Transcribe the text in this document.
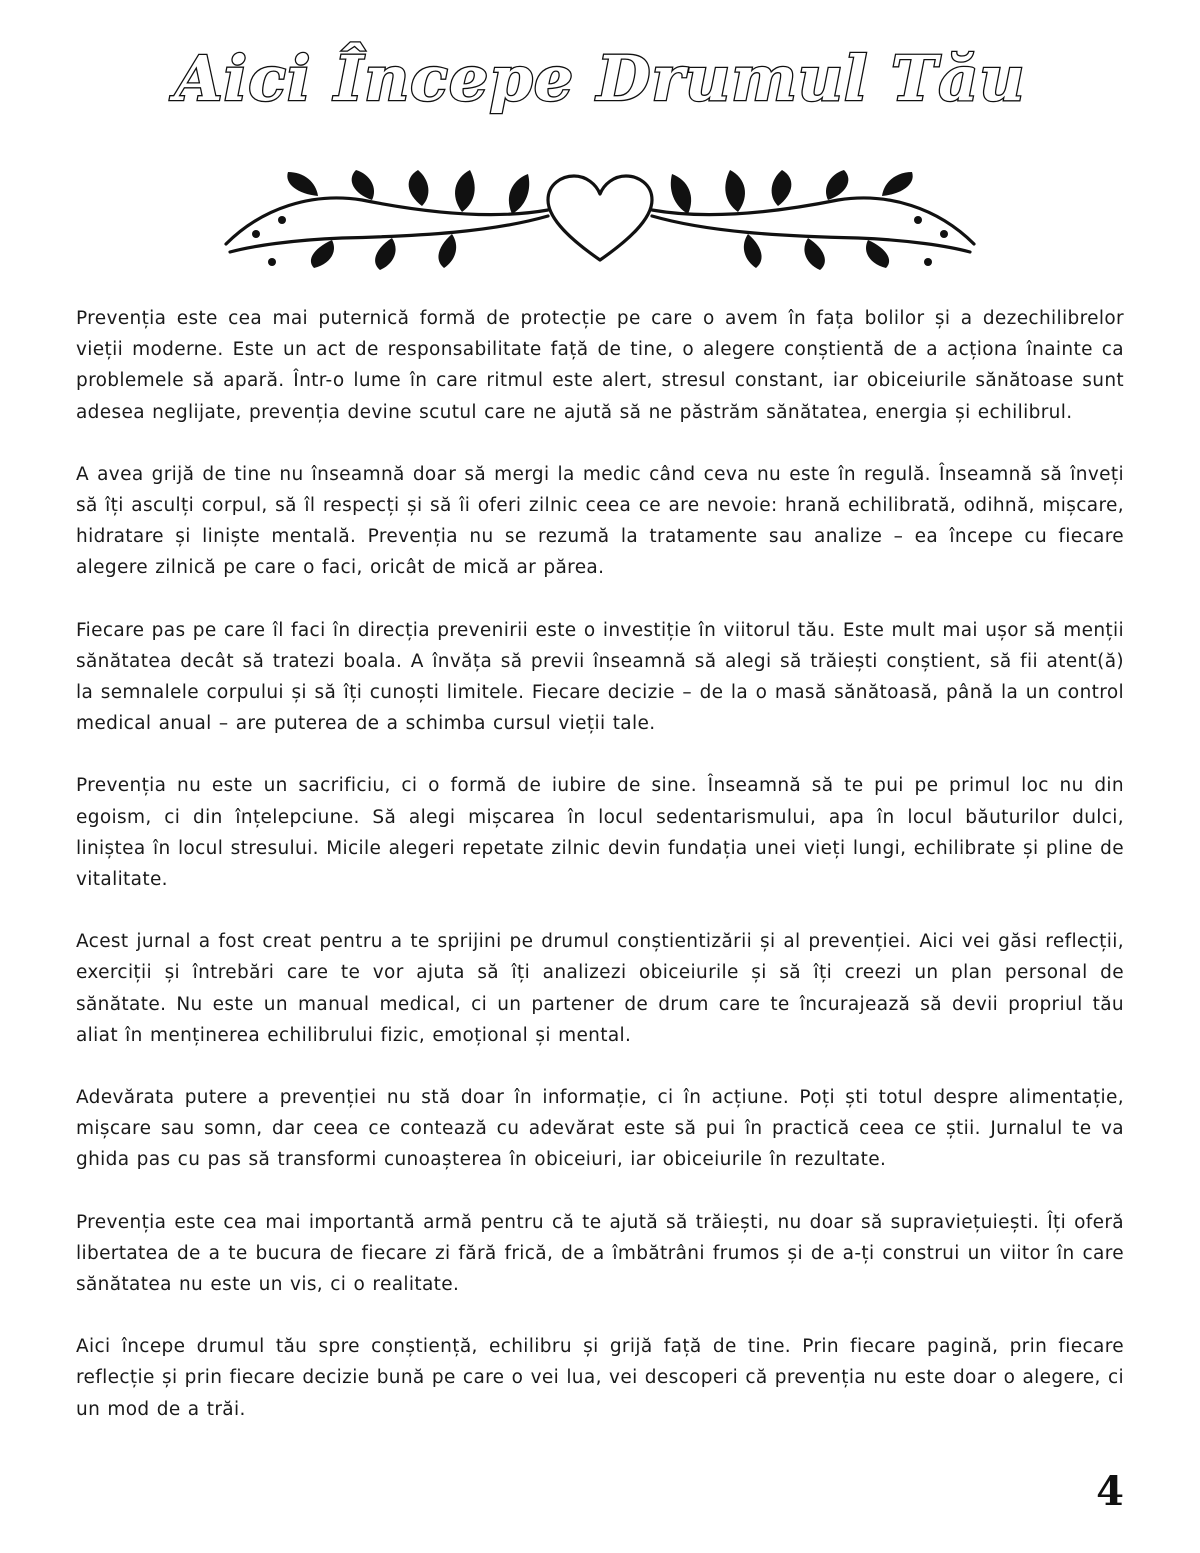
Aici Începe Drumul Tău

Prevenția este cea mai puternică formă de protecție pe care o avem în fața bolilor și a dezechilibrelor vieții moderne. Este un act de responsabilitate față de tine, o alegere conștientă de a acționa înainte ca problemele să apară. Într-o lume în care ritmul este alert, stresul constant, iar obiceiurile sănătoase sunt adesea neglijate, prevenția devine scutul care ne ajută să ne păstrăm sănătatea, energia și echilibrul.

A avea grijă de tine nu înseamnă doar să mergi la medic când ceva nu este în regulă. Înseamnă să înveți să îți asculți corpul, să îl respecți și să îi oferi zilnic ceea ce are nevoie: hrană echilibrată, odihnă, mișcare, hidratare și liniște mentală. Prevenția nu se rezumă la tratamente sau analize – ea începe cu fiecare alegere zilnică pe care o faci, oricât de mică ar părea.

Fiecare pas pe care îl faci în direcția prevenirii este o investiție în viitorul tău. Este mult mai ușor să menții sănătatea decât să tratezi boala. A învăța să previi înseamnă să alegi să trăiești conștient, să fii atent(ă) la semnalele corpului și să îți cunoști limitele. Fiecare decizie – de la o masă sănătoasă, până la un control medical anual – are puterea de a schimba cursul vieții tale.

Prevenția nu este un sacrificiu, ci o formă de iubire de sine. Înseamnă să te pui pe primul loc nu din egoism, ci din înțelepciune. Să alegi mișcarea în locul sedentarismului, apa în locul băuturilor dulci, liniștea în locul stresului. Micile alegeri repetate zilnic devin fundația unei vieți lungi, echilibrate și pline de vitalitate.

Acest jurnal a fost creat pentru a te sprijini pe drumul conștientizării și al prevenției. Aici vei găsi reflecții, exerciții și întrebări care te vor ajuta să îți analizezi obiceiurile și să îți creezi un plan personal de sănătate. Nu este un manual medical, ci un partener de drum care te încurajează să devii propriul tău aliat în menținerea echilibrului fizic, emoțional și mental.

Adevărata putere a prevenției nu stă doar în informație, ci în acțiune. Poți ști totul despre alimentație, mișcare sau somn, dar ceea ce contează cu adevărat este să pui în practică ceea ce știi. Jurnalul te va ghida pas cu pas să transformi cunoașterea în obiceiuri, iar obiceiurile în rezultate.

Prevenția este cea mai importantă armă pentru că te ajută să trăiești, nu doar să supraviețuiești. Îți oferă libertatea de a te bucura de fiecare zi fără frică, de a îmbătrâni frumos și de a-ți construi un viitor în care sănătatea nu este un vis, ci o realitate.

Aici începe drumul tău spre conștiență, echilibru și grijă față de tine. Prin fiecare pagină, prin fiecare reflecție și prin fiecare decizie bună pe care o vei lua, vei descoperi că prevenția nu este doar o alegere, ci un mod de a trăi.

4
